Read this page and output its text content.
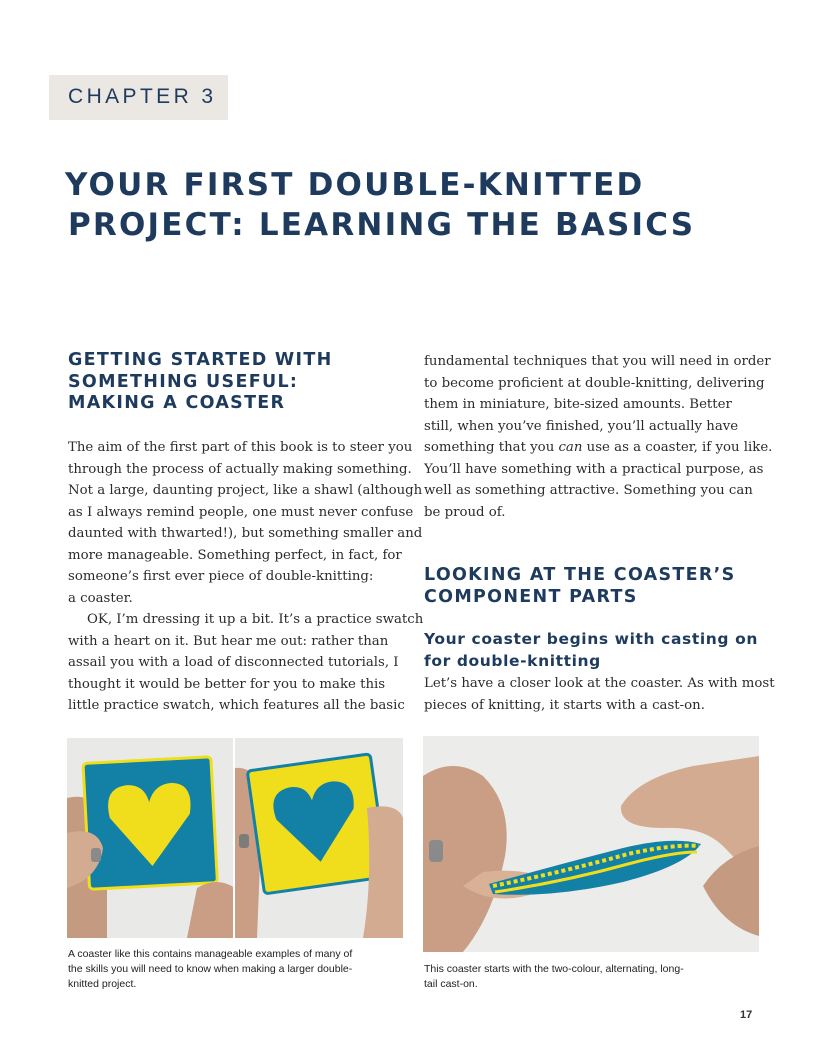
CHAPTER 3
YOUR FIRST DOUBLE-KNITTED
PROJECT: LEARNING THE BASICS
GETTING STARTED WITH
SOMETHING USEFUL:
MAKING A COASTER
The aim of the first part of this book is to steer you
through the process of actually making something.
Not a large, daunting project, like a shawl (although
as I always remind people, one must never confuse
daunted with thwarted!), but something smaller and
more manageable. Something perfect, in fact, for
someone’s first ever piece of double-knitting:
a coaster.
OK, I’m dressing it up a bit. It’s a practice swatch
with a heart on it. But hear me out: rather than
assail you with a load of disconnected tutorials, I
thought it would be better for you to make this
little practice swatch, which features all the basic
fundamental techniques that you will need in order
to become proficient at double-knitting, delivering
them in miniature, bite-sized amounts. Better
still, when you’ve finished, you’ll actually have
something that you can use as a coaster, if you like.
You’ll have something with a practical purpose, as
well as something attractive. Something you can
be proud of.
LOOKING AT THE COASTER’S
COMPONENT PARTS
Your coaster begins with casting on
for double-knitting
Let’s have a closer look at the coaster. As with most
pieces of knitting, it starts with a cast-on.
A coaster like this contains manageable examples of many of
the skills you will need to know when making a larger double-
knitted project.
This coaster starts with the two-colour, alternating, long-
tail cast-on.
17
